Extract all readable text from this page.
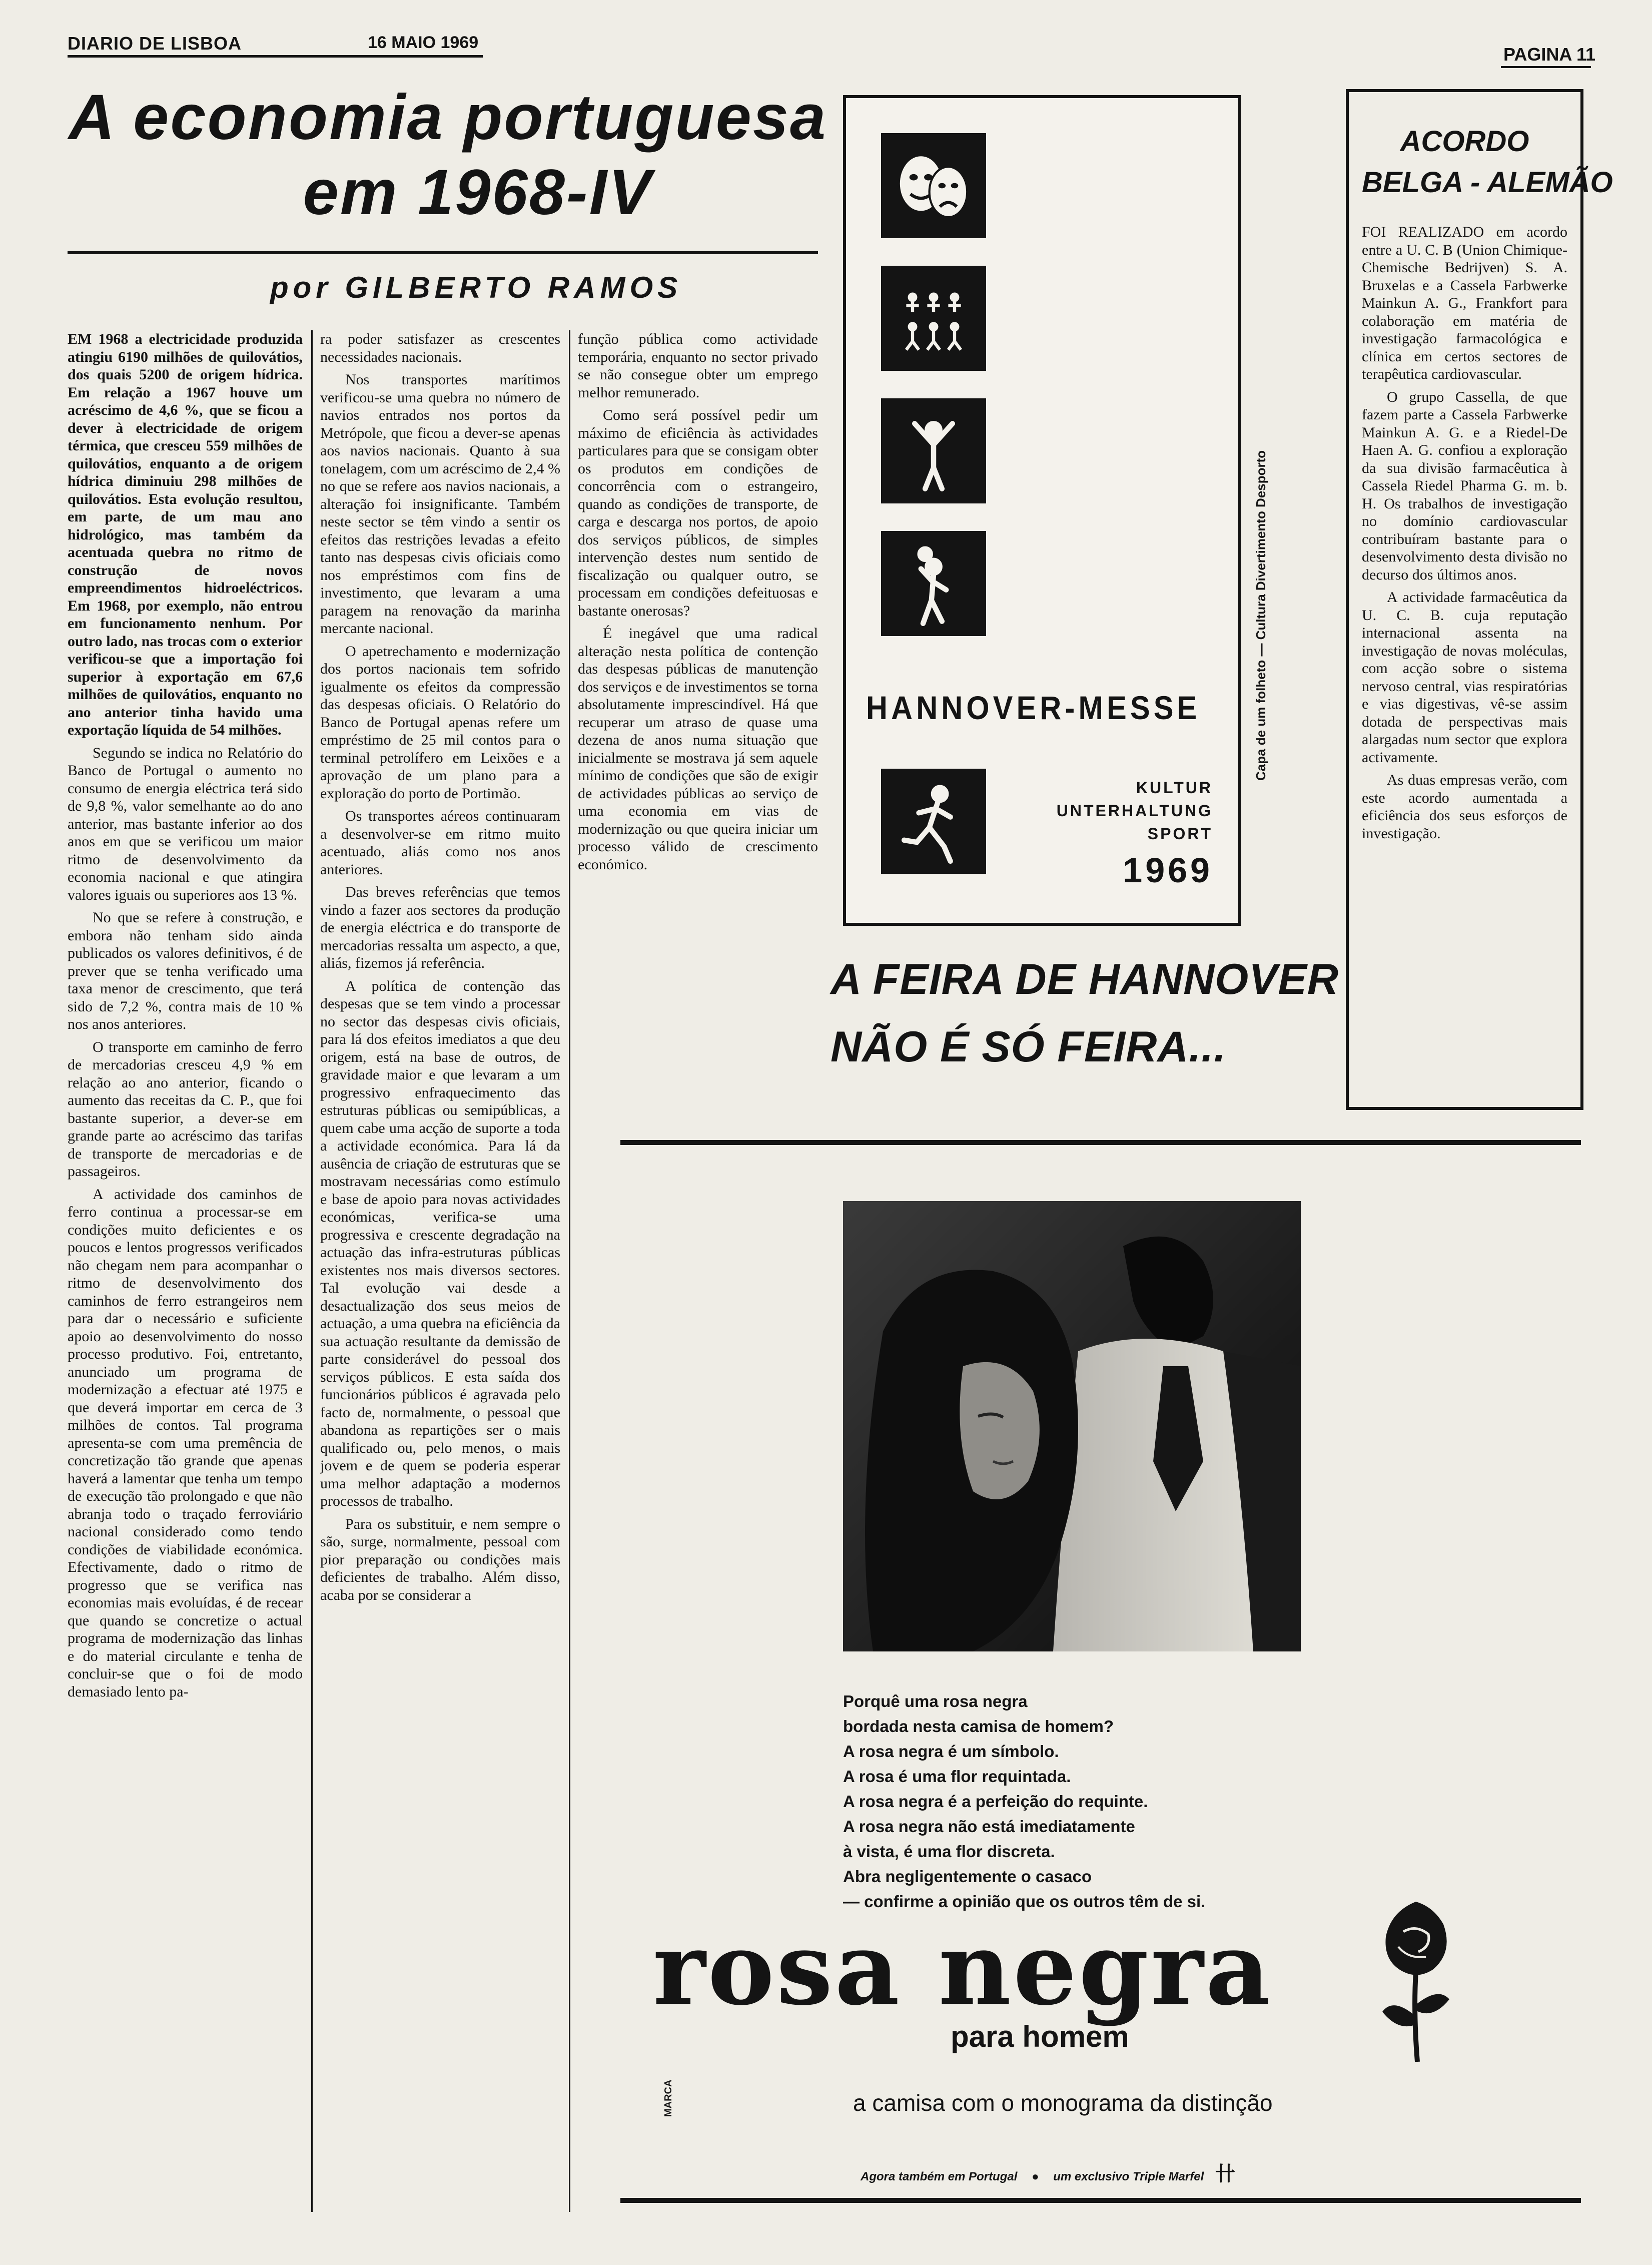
DIARIO DE LISBOA	16 MAIO 1969
PAGINA 11
A economia portuguesa
em 1968-IV
por GILBERTO RAMOS

EM 1968 a electricidade produzida atingiu 6190 milhões de quilovátios, dos quais 5200 de origem hídrica. Em relação a 1967 houve um acréscimo de 4,6 %, que se ficou a dever à electricidade de origem térmica, que cresceu 559 milhões de quilovátios, enquanto a de origem hídrica diminuiu 298 milhões de quilovátios. Esta evolução resultou, em parte, de um mau ano hidrológico, mas também da acentuada quebra no ritmo de construção de novos empreendimentos hidroeléctricos. Em 1968, por exemplo, não entrou em funcionamento nenhum. Por outro lado, nas trocas com o exterior verificou-se que a importação foi superior à exportação em 67,6 milhões de quilovátios, enquanto no ano anterior tinha havido uma exportação líquida de 54 milhões.

Segundo se indica no Relatório do Banco de Portugal o aumento no consumo de energia eléctrica terá sido de 9,8 %, valor semelhante ao do ano anterior, mas bastante inferior ao dos anos em que se verificou um maior ritmo de desenvolvimento da economia nacional e que atingira valores iguais ou superiores aos 13 %.

No que se refere à construção, e embora não tenham sido ainda publicados os valores definitivos, é de prever que se tenha verificado uma taxa menor de crescimento, que terá sido de 7,2 %, contra mais de 10 % nos anos anteriores.

O transporte em caminho de ferro de mercadorias cresceu 4,9 % em relação ao ano anterior, ficando o aumento das receitas da C. P., que foi bastante superior, a dever-se em grande parte ao acréscimo das tarifas de transporte de mercadorias e de passageiros.

A actividade dos caminhos de ferro continua a processar-se em condições muito deficientes e os poucos e lentos progressos verificados não chegam nem para acompanhar o ritmo de desenvolvimento dos caminhos de ferro estrangeiros nem para dar o necessário e suficiente apoio ao desenvolvimento do nosso processo produtivo. Foi, entretanto, anunciado um programa de modernização a efectuar até 1975 e que deverá importar em cerca de 3 milhões de contos. Tal programa apresenta-se com uma premência de concretização tão grande que apenas haverá a lamentar que tenha um tempo de execução tão prolongado e que não abranja todo o traçado ferroviário nacional considerado como tendo condições de viabilidade económica. Efectivamente, dado o ritmo de progresso que se verifica nas economias mais evoluídas, é de recear que quando se concretize o actual programa de modernização das linhas e do material circulante e tenha de concluir-se que o foi de modo demasiado lento pa-

ra poder satisfazer as crescentes necessidades nacionais.

Nos transportes marítimos verificou-se uma quebra no número de navios entrados nos portos da Metrópole, que ficou a dever-se apenas aos navios nacionais. Quanto à sua tonelagem, com um acréscimo de 2,4 % no que se refere aos navios nacionais, a alteração foi insignificante. Também neste sector se têm vindo a sentir os efeitos das restrições levadas a efeito tanto nas despesas civis oficiais como nos empréstimos com fins de investimento, que levaram a uma paragem na renovação da marinha mercante nacional.

O apetrechamento e modernização dos portos nacionais tem sofrido igualmente os efeitos da compressão das despesas oficiais. O Relatório do Banco de Portugal apenas refere um empréstimo de 25 mil contos para o terminal petrolífero em Leixões e a aprovação de um plano para a exploração do porto de Portimão.

Os transportes aéreos continuaram a desenvolver-se em ritmo muito acentuado, aliás como nos anos anteriores.

Das breves referências que temos vindo a fazer aos sectores da produção de energia eléctrica e do transporte de mercadorias ressalta um aspecto, a que, aliás, fizemos já referência.

A política de contenção das despesas que se tem vindo a processar no sector das despesas civis oficiais, para lá dos efeitos imediatos a que deu origem, está na base de outros, de gravidade maior e que levaram a um progressivo enfraquecimento das estruturas públicas ou semipúblicas, a quem cabe uma acção de suporte a toda a actividade económica. Para lá da ausência de criação de estruturas que se mostravam necessárias como estímulo e base de apoio para novas actividades económicas, verifica-se uma progressiva e crescente degradação na actuação das infra-estruturas públicas existentes nos mais diversos sectores. Tal evolução vai desde a desactualização dos seus meios de actuação, a uma quebra na eficiência da sua actuação resultante da demissão de parte considerável do pessoal dos serviços públicos. E esta saída dos funcionários públicos é agravada pelo facto de, normalmente, o pessoal que abandona as repartições ser o mais qualificado ou, pelo menos, o mais jovem e de quem se poderia esperar uma melhor adaptação a modernos processos de trabalho.

Para os substituir, e nem sempre o são, surge, normalmente, pessoal com pior preparação ou condições mais deficientes de trabalho. Além disso, acaba por se considerar a

função pública como actividade temporária, enquanto no sector privado se não consegue obter um emprego melhor remunerado.

Como será possível pedir um máximo de eficiência às actividades particulares para que se consigam obter os produtos em condições de concorrência com o estrangeiro, quando as condições de transporte, de carga e descarga nos portos, de apoio dos serviços públicos, de simples intervenção destes num sentido de fiscalização ou qualquer outro, se processam em condições defeituosas e bastante onerosas?

É inegável que uma radical alteração nesta política de contenção das despesas públicas de manutenção dos serviços e de investimentos se torna absolutamente imprescindível. Há que recuperar um atraso de quase uma dezena de anos numa situação que inicialmente se mostrava já sem aquele mínimo de condições que são de exigir de actividades públicas ao serviço de uma economia em vias de modernização ou que queira iniciar um processo válido de crescimento económico.

HANNOVER-MESSE
KULTUR
UNTERHALTUNG
SPORT
1969
Capa de um folheto — Cultura Divertimento Desporto
A FEIRA DE HANNOVER
NÃO É SÓ FEIRA...
ACORDO
BELGA - ALEMÃO

FOI REALIZADO em acordo entre a U. C. B (Union Chimique-Chemische Bedrijven) S. A. Bruxelas e a Cassela Farbwerke Mainkun A. G., Frankfort para colaboração em matéria de investigação farmacológica e clínica em certos sectores de terapêutica cardiovascular.

O grupo Cassella, de que fazem parte a Cassela Farbwerke Mainkun A. G. e a Riedel-De Haen A. G. confiou a exploração da sua divisão farmacêutica à Cassela Riedel Pharma G. m. b. H. Os trabalhos de investigação no domínio cardiovascular contribuíram bastante para o desenvolvimento desta divisão no decurso dos últimos anos.

A actividade farmacêutica da U. C. B. cuja reputação internacional assenta na investigação de novas moléculas, com acção sobre o sistema nervoso central, vias respiratórias e vias digestivas, vê-se assim dotada de perspectivas mais alargadas num sector que explora activamente.

As duas empresas verão, com este acordo aumentada a eficiência dos seus esforços de investigação.

Porquê uma rosa negra
bordada nesta camisa de homem?
A rosa negra é um símbolo.
A rosa é uma flor requintada.
A rosa negra é a perfeição do requinte.
A rosa negra não está imediatamente
à vista, é uma flor discreta.
Abra negligentemente o casaco
— confirme a opinião que os outros têm de si.
rosa negra
para homem
a camisa com o monograma da distinção
MARCA
Agora também em Portugal ● um exclusivo Triple Marfel 卄
